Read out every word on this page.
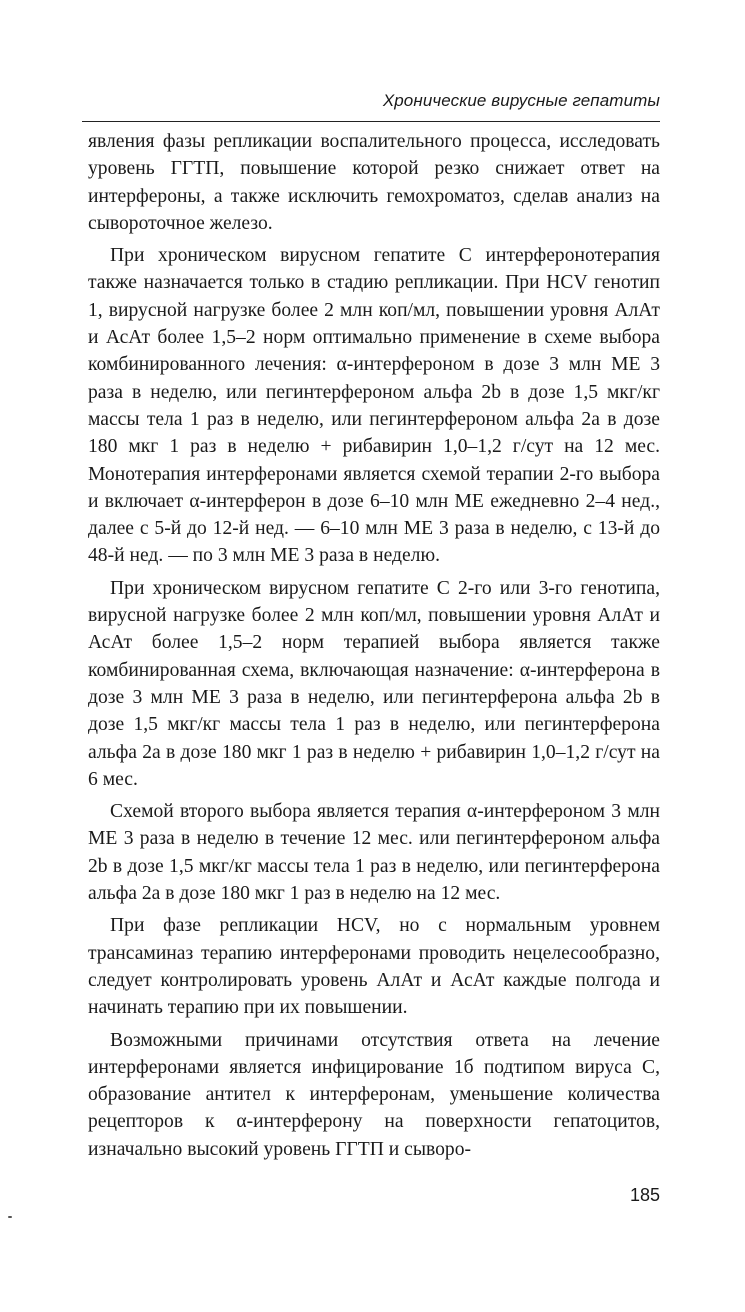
Хронические вирусные гепатиты

явления фазы репликации воспалительного процесса, исследовать уровень ГГТП, повышение которой резко снижает ответ на интерфероны, а также исключить гемохроматоз, сделав анализ на сывороточное железо.

При хроническом вирусном гепатите С интерферонотерапия также назначается только в стадию репликации. При HCV генотип 1, вирусной нагрузке более 2 млн коп/мл, повышении уровня АлАт и АсАт более 1,5–2 норм оптимально применение в схеме выбора комбинированного лечения: α-интерфероном в дозе 3 млн МЕ 3 раза в неделю, или пегинтерфероном альфа 2b в дозе 1,5 мкг/кг массы тела 1 раз в неделю, или пегинтерфероном альфа 2а в дозе 180 мкг 1 раз в неделю + рибавирин 1,0–1,2 г/сут на 12 мес. Монотерапия интерферонами является схемой терапии 2-го выбора и включает α-интерферон в дозе 6–10 млн МЕ ежедневно 2–4 нед., далее с 5-й до 12-й нед. — 6–10 млн МЕ 3 раза в неделю, с 13-й до 48-й нед. — по 3 млн МЕ 3 раза в неделю.

При хроническом вирусном гепатите С 2-го или 3-го генотипа, вирусной нагрузке более 2 млн коп/мл, повышении уровня АлАт и АсАт более 1,5–2 норм терапией выбора является также комбинированная схема, включающая назначение: α-интерферона в дозе 3 млн МЕ 3 раза в неделю, или пегинтерферона альфа 2b в дозе 1,5 мкг/кг массы тела 1 раз в неделю, или пегинтерферона альфа 2а в дозе 180 мкг 1 раз в неделю + рибавирин 1,0–1,2 г/сут на 6 мес.

Схемой второго выбора является терапия α-интерфероном 3 млн МЕ 3 раза в неделю в течение 12 мес. или пегинтерфероном альфа 2b в дозе 1,5 мкг/кг массы тела 1 раз в неделю, или пегинтерферона альфа 2а в дозе 180 мкг 1 раз в неделю на 12 мес.

При фазе репликации HCV, но с нормальным уровнем трансаминаз терапию интерферонами проводить нецелесообразно, следует контролировать уровень АлАт и АсАт каждые полгода и начинать терапию при их повышении.

Возможными причинами отсутствия ответа на лечение интерферонами является инфицирование 1б подтипом вируса С, образование антител к интерферонам, уменьшение количества рецепторов к α-интерферону на поверхности гепатоцитов, изначально высокий уровень ГГТП и сыворо-

185
